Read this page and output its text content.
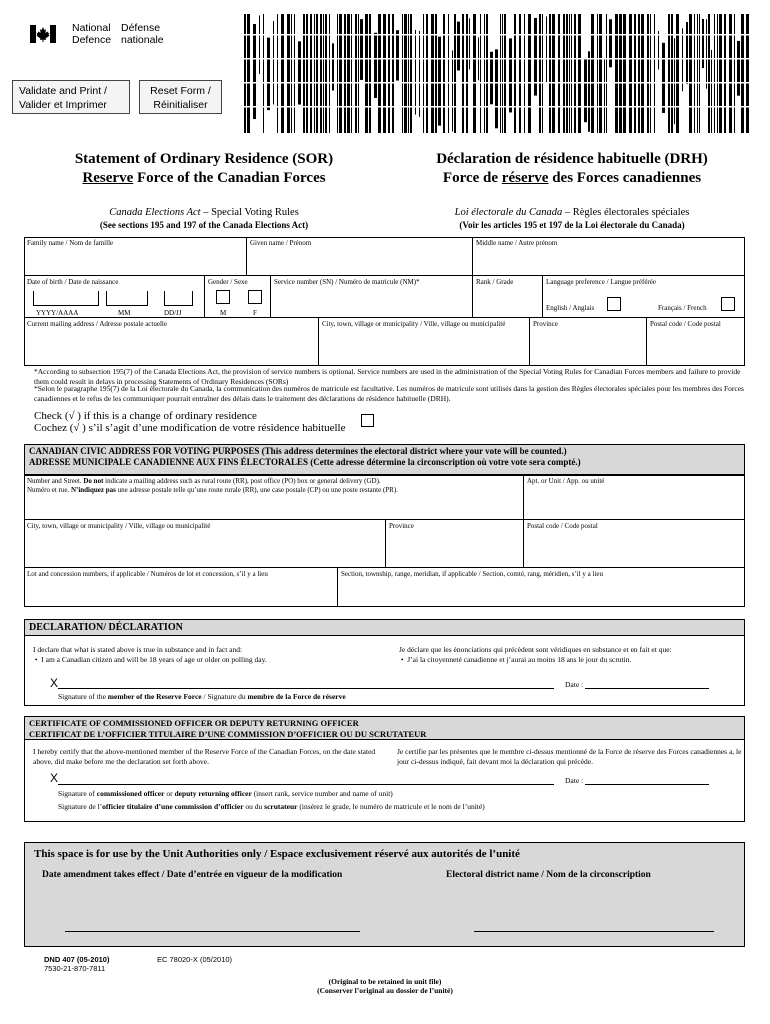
National
Defence
Défense
nationale
Validate and Print /
Valider et Imprimer
Reset Form /
Réinitialiser
Statement of Ordinary Residence (SOR)
Reserve Force of the Canadian Forces
Déclaration de résidence habituelle (DRH)
Force de réserve des Forces canadiennes
Canada Elections Act – Special Voting Rules
(See sections 195 and 197 of the Canada Elections Act)
Loi électorale du Canada – Règles électorales spéciales
(Voir les articles 195 et 197 de la Loi électorale du Canada)
Family name / Nom de famille	Given name / Prénom	Middle name / Autre prénom
Date of birth / Date de naissance	Gender / Sexe	Service number (SN) / Numéro de matricule (NM)*	Rank / Grade	Language preference / Langue préférée
YYYY/AAAA	MM	DD/JJ	M	F
English / Anglais	Français / French
Current mailing address / Adresse postale actuelle	City, town, village or municipality / Ville, village ou municipalité	Province	Postal code / Code postal
*According to subsection 195(7) of the Canada Elections Act, the provision of service numbers is optional. Service numbers are used in the administration of the Special Voting Rules for Canadian Forces members and failure to provide them could result in delays in processing Statements of Ordinary Residences (SORs)
*Selon le paragraphe 195(7) de la Loi électorale du Canada, la communication des numéros de matricule est facultative. Les numéros de matricule sont utilisés dans la gestion des Règles électorales spéciales pour les membres des Forces canadiennes et le refus de les communiquer pourrait entraîner des délais dans le traitement des déclarations de résidence habituelle (DRH).
Check (√ ) if this is a change of ordinary residence
Cochez (√ ) s’il s’agit d’une modification de votre résidence habituelle
CANADIAN CIVIC ADDRESS FOR VOTING PURPOSES (This address determines the electoral district where your vote will be counted.)
ADRESSE MUNICIPALE CANADIENNE AUX FINS ÉLECTORALES (Cette adresse détermine la circonscription où votre vote sera compté.)
Number and Street. Do not indicate a mailing address such as rural route (RR), post office (PO) box or general delivery (GD).
Numéro et rue. N’indiquez pas une adresse postale telle qu’une route rurale (RR), une case postale (CP) ou une poste restante (PR).
Apt. or Unit / App. ou unité
City, town, village or municipality / Ville, village ou municipalité	Province	Postal code / Code postal
Lot and concession numbers, if applicable / Numéros de lot et concession, s’il y a lieu	Section, township, range, meridian, if applicable / Section, comté, rang, méridien, s’il y a lieu
DECLARATION/ DÉCLARATION
I declare that what is stated above is true in substance and in fact and:
•  I am a Canadian citizen and will be 18 years of age or older on polling day.
Je déclare que les énonciations qui précèdent sont véridiques en substance et en fait et que:
•  J’ai la citoyenneté canadienne et j’aurai au moins 18 ans le jour du scrutin.
X	Date :
Signature of the member of the Reserve Force / Signature du membre de la Force de réserve
CERTIFICATE OF COMMISSIONED OFFICER OR DEPUTY RETURNING OFFICER
CERTIFICAT DE L’OFFICIER TITULAIRE D’UNE COMMISSION D’OFFICIER OU DU SCRUTATEUR
I hereby certify that the above-mentioned member of the Reserve Force of the Canadian Forces, on the date stated above, did make before me the declaration set forth above.
Je certifie par les présentes que le membre ci-dessus mentionné de la Force de réserve des Forces canadiennes a, le jour ci-dessus indiqué, fait devant moi la déclaration qui précède.
X	Date :
Signature of commissioned officer or deputy returning officer (insert rank, service number and name of unit)
Signature de l’officier titulaire d’une commission d’officier ou du scrutateur (insérez le grade, le numéro de matricule et le nom de l’unité)
This space is for use by the Unit Authorities only / Espace exclusivement réservé aux autorités de l’unité
Date amendment takes effect / Date d’entrée en vigueur de la modification	Electoral district name / Nom de la circonscription
DND 407 (05-2010)
7530-21-870-7811
EC 78020-X (05/2010)
(Original to be retained in unit file)
(Conserver l’original au dossier de l’unité)
